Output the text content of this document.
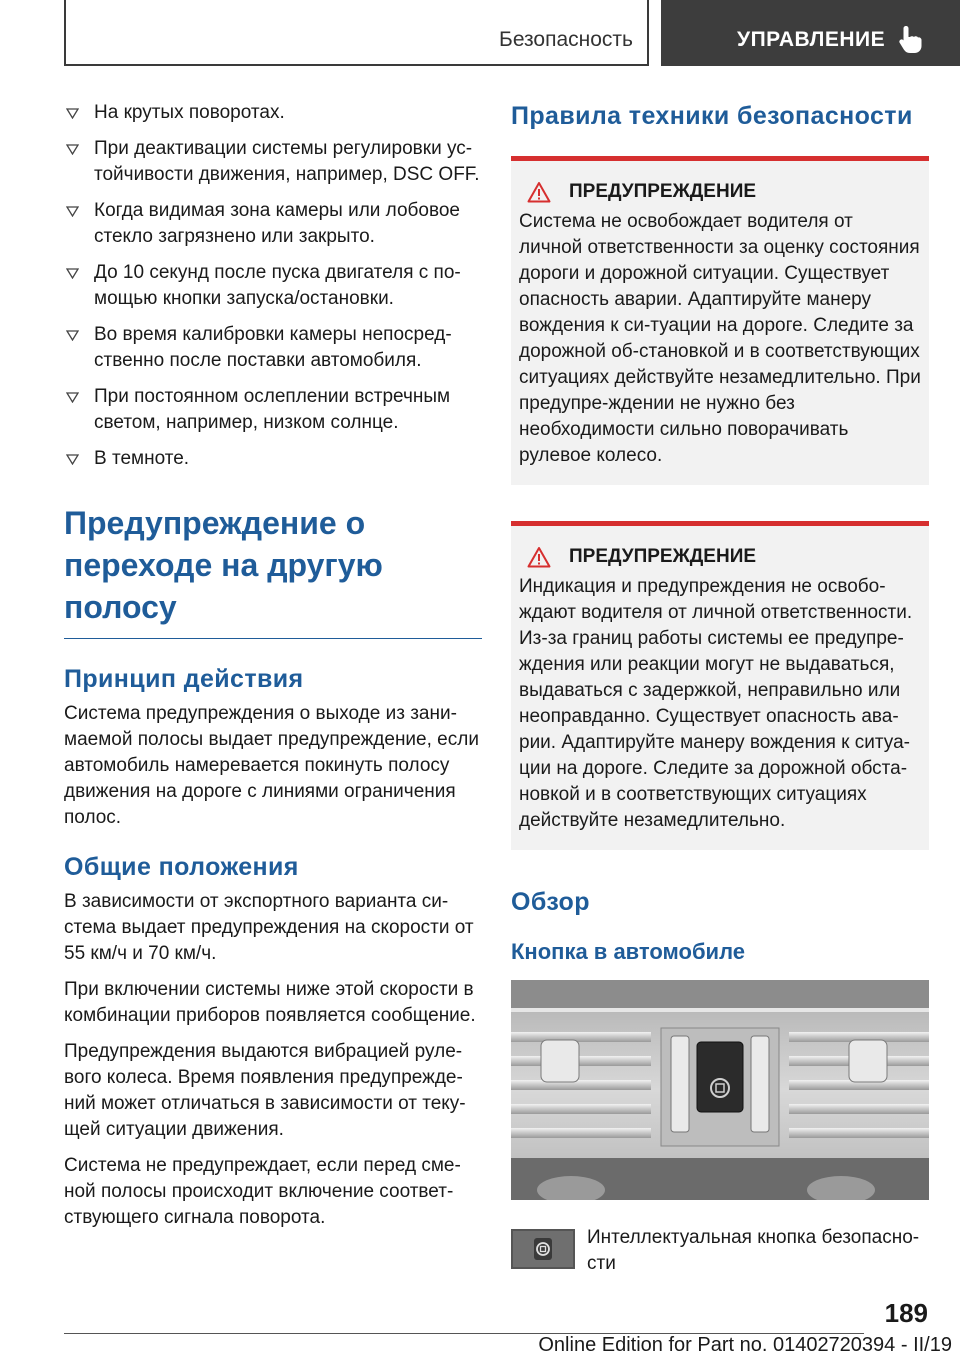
Безопасность	УПРАВЛЕНИЕ
На крутых поворотах.
При деактивации системы регулировки ус-тойчивости движения, например, DSC OFF.
Когда видимая зона камеры или лобовое стекло загрязнено или закрыто.
До 10 секунд после пуска двигателя с по-мощью кнопки запуска/остановки.
Во время калибровки камеры непосред-ственно после поставки автомобиля.
При постоянном ослеплении встречным светом, например, низком солнце.
В темноте.
Предупреждение о переходе на другую полосу
Принцип действия

Система предупреждения о выходе из зани-маемой полосы выдает предупреждение, если автомобиль намеревается покинуть полосу движения на дороге с линиями ограничения полос.

Общие положения

В зависимости от экспортного варианта си-стема выдает предупреждения на скорости от 55 км/ч и 70 км/ч.

При включении системы ниже этой скорости в комбинации приборов появляется сообщение.

Предупреждения выдаются вибрацией руле-вого колеса. Время появления предупрежде-ний может отличаться в зависимости от теку-щей ситуации движения.

Система не предупреждает, если перед сме-ной полосы происходит включение соответ-ствующего сигнала поворота.

Правила техники безопасности
ПРЕДУПРЕЖДЕНИЕ

Система не освобождает водителя от личной ответственности за оценку состояния дороги и дорожной ситуации. Существует опасность аварии. Адаптируйте манеру вождения к си-туации на дороге. Следите за дорожной об-становкой и в соответствующих ситуациях действуйте незамедлительно. При предупре-ждении не нужно без необходимости сильно поворачивать рулевое колесо.

ПРЕДУПРЕЖДЕНИЕ

Индикация и предупреждения не освобо-ждают водителя от личной ответственности. Из-за границ работы системы ее предупре-ждения или реакции могут не выдаваться, выдаваться с задержкой, неправильно или неоправданно. Существует опасность ава-рии. Адаптируйте манеру вождения к ситуа-ции на дороге. Следите за дорожной обста-новкой и в соответствующих ситуациях действуйте незамедлительно.

Обзор
Кнопка в автомобиле

Интеллектуальная кнопка безопасно-сти

189
Online Edition for Part no. 01402720394 - II/19
